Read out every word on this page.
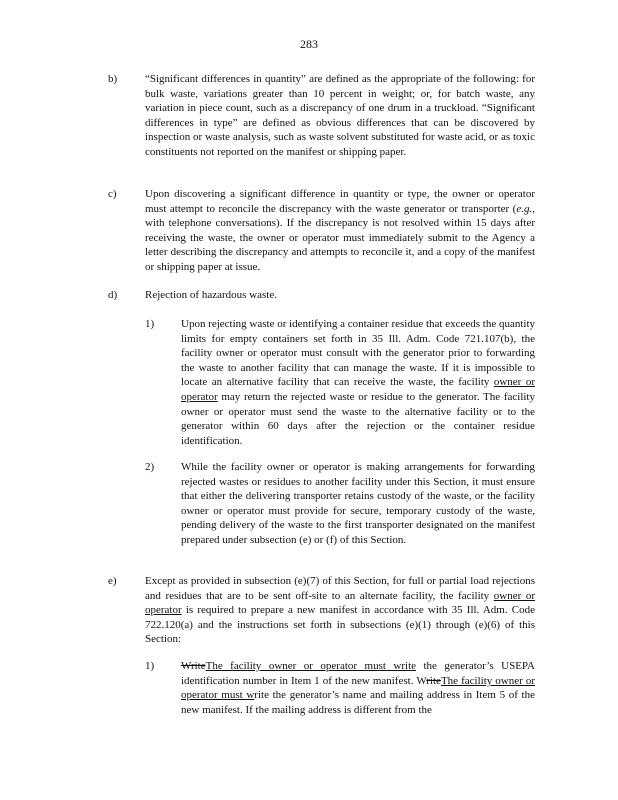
283
b)	“Significant differences in quantity” are defined as the appropriate of the following: for bulk waste, variations greater than 10 percent in weight; or, for batch waste, any variation in piece count, such as a discrepancy of one drum in a truckload. “Significant differences in type” are defined as obvious differences that can be discovered by inspection or waste analysis, such as waste solvent substituted for waste acid, or as toxic constituents not reported on the manifest or shipping paper.

c)	Upon discovering a significant difference in quantity or type, the owner or operator must attempt to reconcile the discrepancy with the waste generator or transporter (e.g., with telephone conversations). If the discrepancy is not resolved within 15 days after receiving the waste, the owner or operator must immediately submit to the Agency a letter describing the discrepancy and attempts to reconcile it, and a copy of the manifest or shipping paper at issue.

d)	Rejection of hazardous waste.

1) Upon rejecting waste or identifying a container residue that exceeds the quantity limits for empty containers set forth in 35 Ill. Adm. Code 721.107(b), the facility owner or operator must consult with the generator prior to forwarding the waste to another facility that can manage the waste. If it is impossible to locate an alternative facility that can receive the waste, the facility owner or operator may return the rejected waste or residue to the generator. The facility owner or operator must send the waste to the alternative facility or to the generator within 60 days after the rejection or the container residue identification.

2) While the facility owner or operator is making arrangements for forwarding rejected wastes or residues to another facility under this Section, it must ensure that either the delivering transporter retains custody of the waste, or the facility owner or operator must provide for secure, temporary custody of the waste, pending delivery of the waste to the first transporter designated on the manifest prepared under subsection (e) or (f) of this Section.

e)	Except as provided in subsection (e)(7) of this Section, for full or partial load rejections and residues that are to be sent off-site to an alternate facility, the facility owner or operator is required to prepare a new manifest in accordance with 35 Ill. Adm. Code 722.120(a) and the instructions set forth in subsections (e)(1) through (e)(6) of this Section:

1) WriteThe facility owner or operator must write the generator’s USEPA identification number in Item 1 of the new manifest. WriteThe facility owner or operator must write the generator’s name and mailing address in Item 5 of the new manifest. If the mailing address is different from the
